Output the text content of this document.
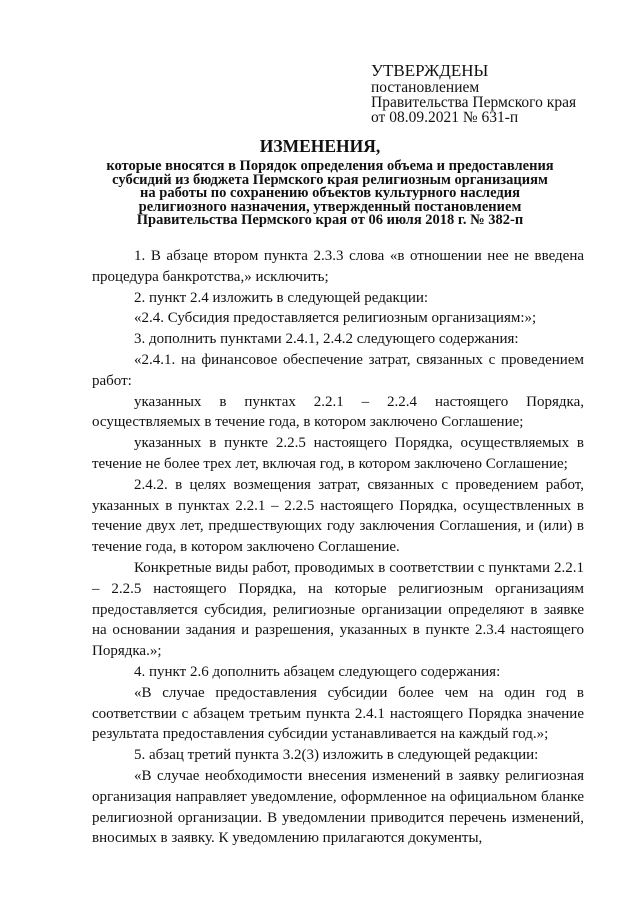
УТВЕРЖДЕНЫ
постановлением
Правительства Пермского края
от 08.09.2021 № 631-п
ИЗМЕНЕНИЯ,
которые вносятся в Порядок определения объема и предоставления
субсидий из бюджета Пермского края религиозным организациям
на работы по сохранению объектов культурного наследия
религиозного назначения, утвержденный постановлением
Правительства Пермского края от 06 июля 2018 г. № 382-п

1. В абзаце втором пункта 2.3.3 слова «в отношении нее не введена процедура банкротства,» исключить;

2. пункт 2.4 изложить в следующей редакции:

«2.4. Субсидия предоставляется религиозным организациям:»;

3. дополнить пунктами 2.4.1, 2.4.2 следующего содержания:

«2.4.1. на финансовое обеспечение затрат, связанных с проведением работ:

указанных в пунктах 2.2.1 – 2.2.4 настоящего Порядка, осуществляемых в течение года, в котором заключено Соглашение;

указанных в пункте 2.2.5 настоящего Порядка, осуществляемых в течение не более трех лет, включая год, в котором заключено Соглашение;

2.4.2. в целях возмещения затрат, связанных с проведением работ, указанных в пунктах 2.2.1 – 2.2.5 настоящего Порядка, осуществленных в течение двух лет, предшествующих году заключения Соглашения, и (или) в течение года, в котором заключено Соглашение.

Конкретные виды работ, проводимых в соответствии с пунктами 2.2.1 – 2.2.5 настоящего Порядка, на которые религиозным организациям предоставляется субсидия, религиозные организации определяют в заявке на основании задания и разрешения, указанных в пункте 2.3.4 настоящего Порядка.»;

4. пункт 2.6 дополнить абзацем следующего содержания:

«В случае предоставления субсидии более чем на один год в соответствии с абзацем третьим пункта 2.4.1 настоящего Порядка значение результата предоставления субсидии устанавливается на каждый год.»;

5. абзац третий пункта 3.2(3) изложить в следующей редакции:

«В случае необходимости внесения изменений в заявку религиозная организация направляет уведомление, оформленное на официальном бланке религиозной организации. В уведомлении приводится перечень изменений, вносимых в заявку. К уведомлению прилагаются документы,
